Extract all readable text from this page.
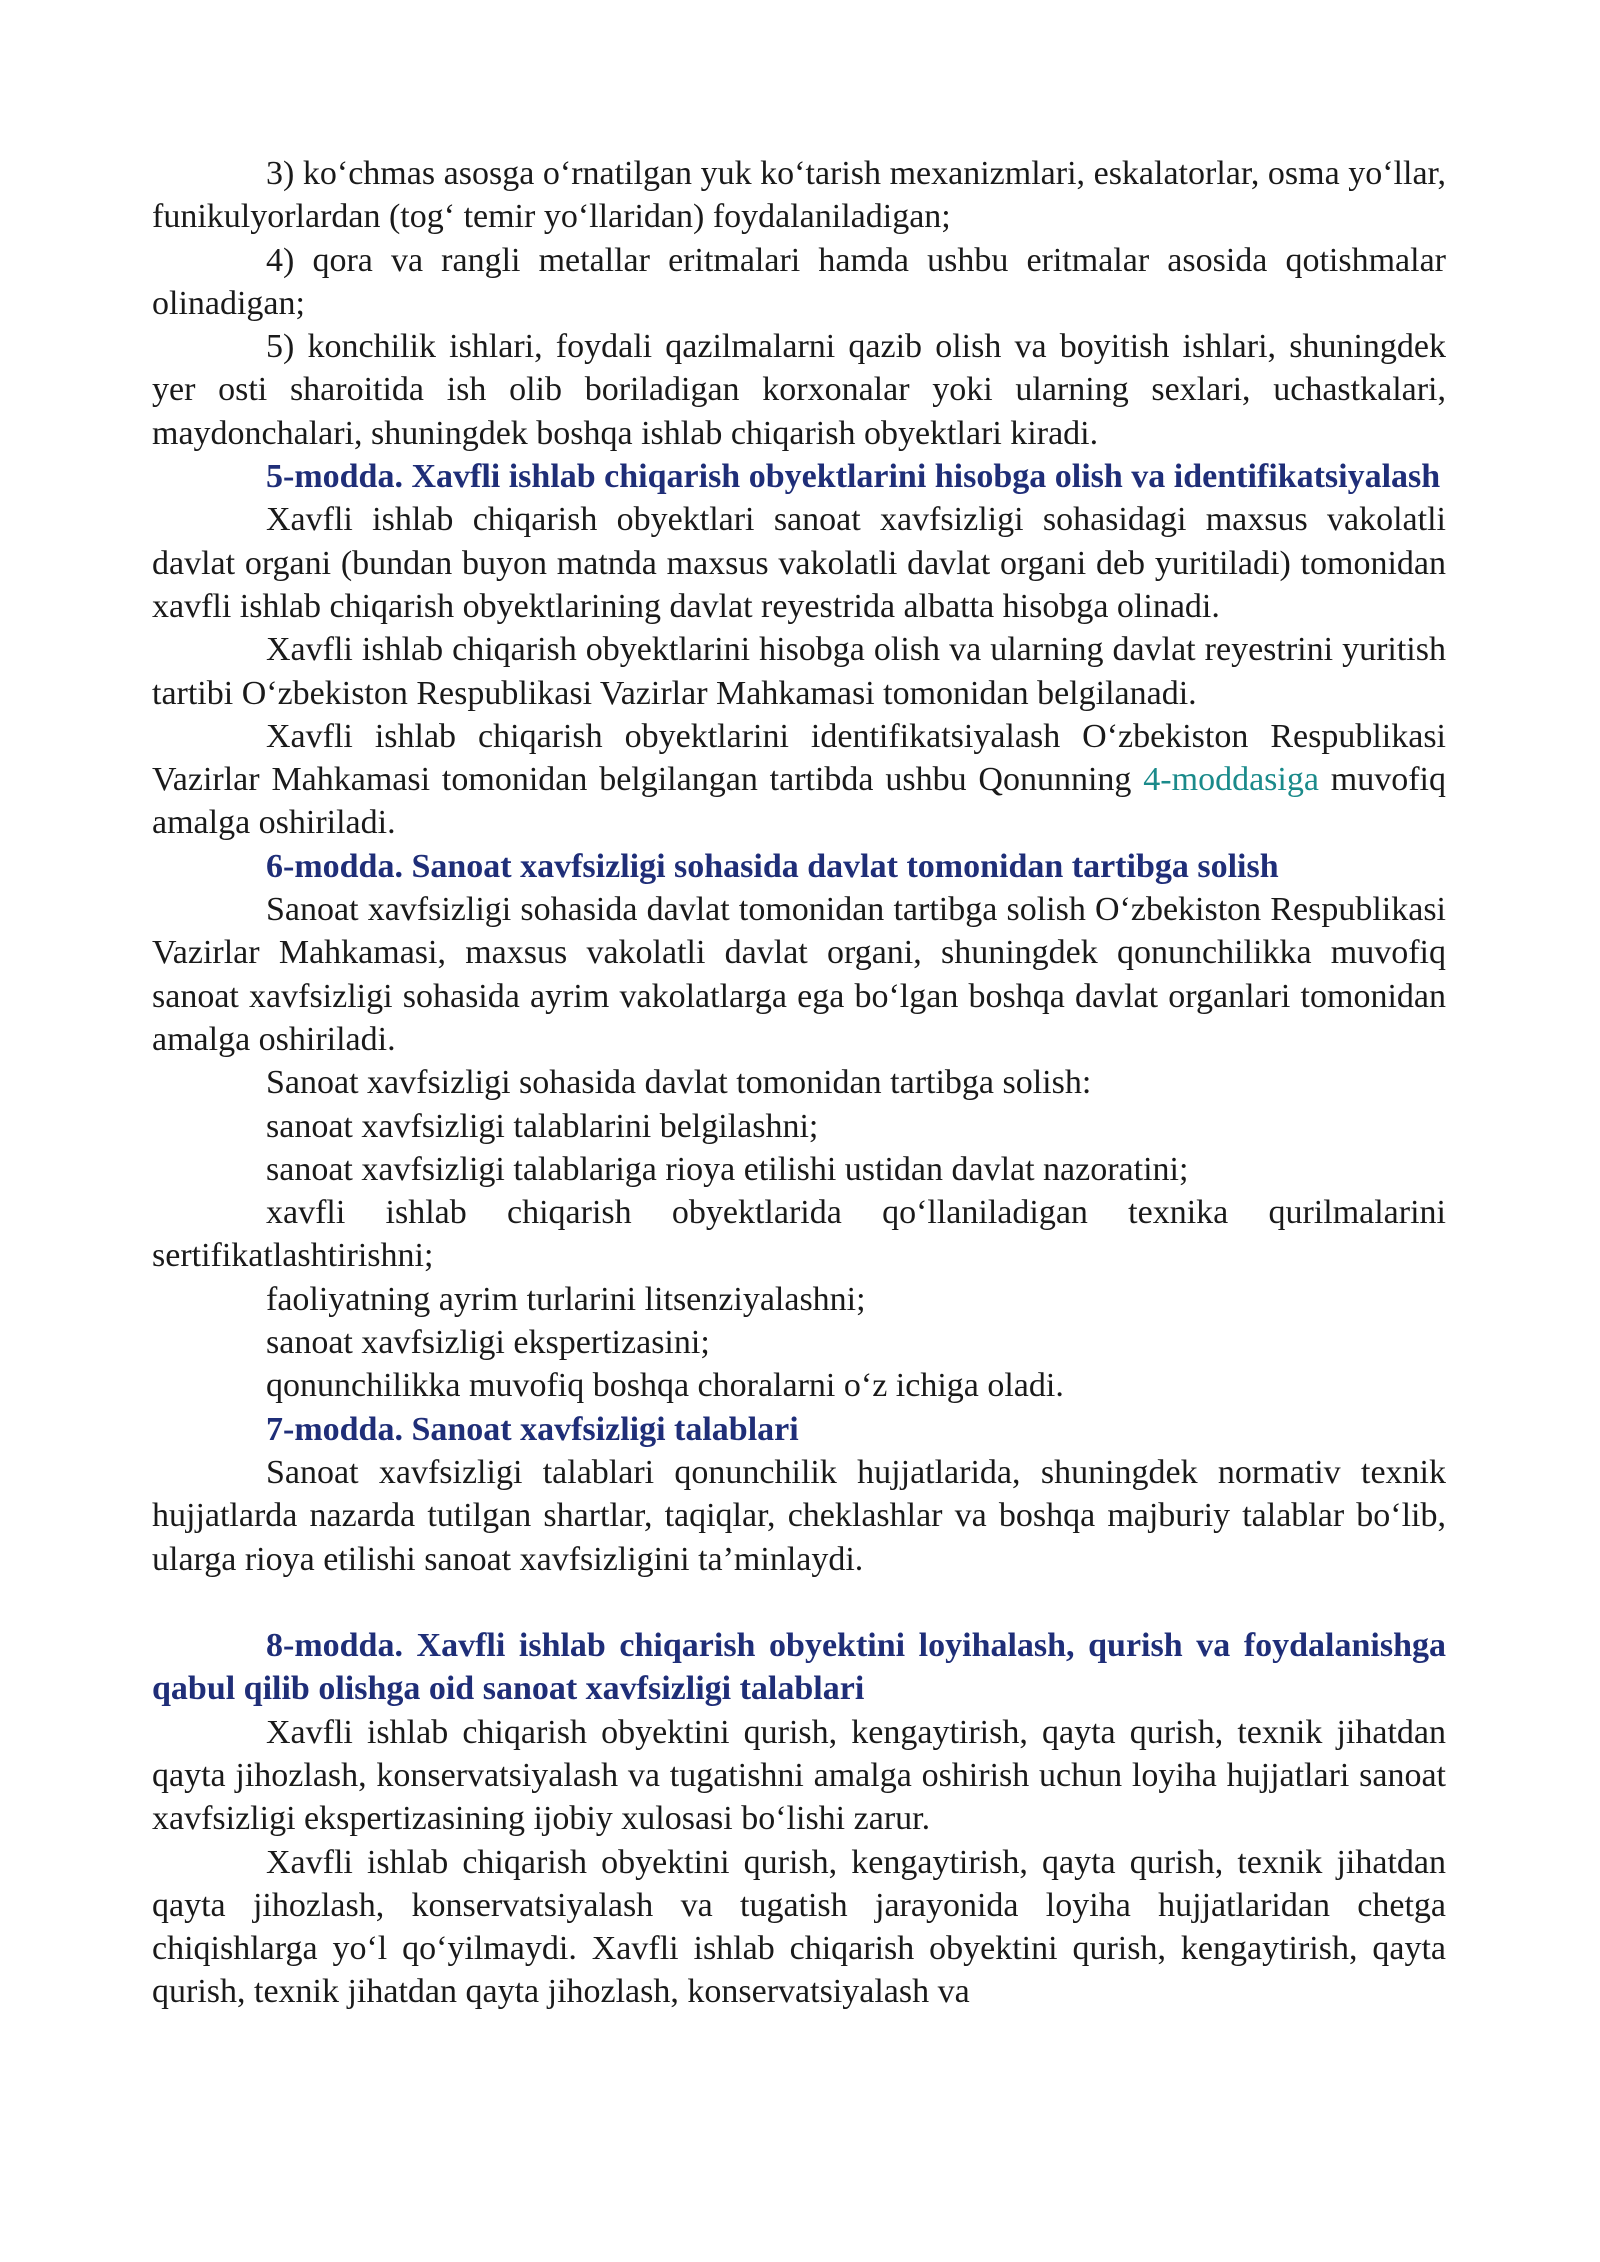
3) ko‘chmas asosga o‘rnatilgan yuk ko‘tarish mexanizmlari, eskalatorlar, osma yo‘llar, funikulyorlardan (tog‘ temir yo‘llaridan) foydalaniladigan;

4) qora va rangli metallar eritmalari hamda ushbu eritmalar asosida qotishmalar olinadigan;

5) konchilik ishlari, foydali qazilmalarni qazib olish va boyitish ishlari, shuningdek yer osti sharoitida ish olib boriladigan korxonalar yoki ularning sexlari, uchastkalari, maydonchalari, shuningdek boshqa ishlab chiqarish obyektlari kiradi.

5-modda. Xavfli ishlab chiqarish obyektlarini hisobga olish va identifikatsiyalash

Xavfli ishlab chiqarish obyektlari sanoat xavfsizligi sohasidagi maxsus vakolatli davlat organi (bundan buyon matnda maxsus vakolatli davlat organi deb yuritiladi) tomonidan xavfli ishlab chiqarish obyektlarining davlat reyestrida albatta hisobga olinadi.

Xavfli ishlab chiqarish obyektlarini hisobga olish va ularning davlat reyestrini yuritish tartibi O‘zbekiston Respublikasi Vazirlar Mahkamasi tomonidan belgilanadi.

Xavfli ishlab chiqarish obyektlarini identifikatsiyalash O‘zbekiston Respublikasi Vazirlar Mahkamasi tomonidan belgilangan tartibda ushbu Qonunning 4-moddasiga muvofiq amalga oshiriladi.

6-modda. Sanoat xavfsizligi sohasida davlat tomonidan tartibga solish

Sanoat xavfsizligi sohasida davlat tomonidan tartibga solish O‘zbekiston Respublikasi Vazirlar Mahkamasi, maxsus vakolatli davlat organi, shuningdek qonunchilikka muvofiq sanoat xavfsizligi sohasida ayrim vakolatlarga ega bo‘lgan boshqa davlat organlari tomonidan amalga oshiriladi.

Sanoat xavfsizligi sohasida davlat tomonidan tartibga solish:

sanoat xavfsizligi talablarini belgilashni;

sanoat xavfsizligi talablariga rioya etilishi ustidan davlat nazoratini;

xavfli ishlab chiqarish obyektlarida qo‘llaniladigan texnika qurilmalarini sertifikatlashtirishni;

faoliyatning ayrim turlarini litsenziyalashni;

sanoat xavfsizligi ekspertizasini;

qonunchilikka muvofiq boshqa choralarni o‘z ichiga oladi.

7-modda. Sanoat xavfsizligi talablari

Sanoat xavfsizligi talablari qonunchilik hujjatlarida, shuningdek normativ texnik hujjatlarda nazarda tutilgan shartlar, taqiqlar, cheklashlar va boshqa majburiy talablar bo‘lib, ularga rioya etilishi sanoat xavfsizligini ta’minlaydi.

8-modda. Xavfli ishlab chiqarish obyektini loyihalash, qurish va foydalanishga qabul qilib olishga oid sanoat xavfsizligi talablari

Xavfli ishlab chiqarish obyektini qurish, kengaytirish, qayta qurish, texnik jihatdan qayta jihozlash, konservatsiyalash va tugatishni amalga oshirish uchun loyiha hujjatlari sanoat xavfsizligi ekspertizasining ijobiy xulosasi bo‘lishi zarur.

Xavfli ishlab chiqarish obyektini qurish, kengaytirish, qayta qurish, texnik jihatdan qayta jihozlash, konservatsiyalash va tugatish jarayonida loyiha hujjatlaridan chetga chiqishlarga yo‘l qo‘yilmaydi. Xavfli ishlab chiqarish obyektini qurish, kengaytirish, qayta qurish, texnik jihatdan qayta jihozlash, konservatsiyalash va
